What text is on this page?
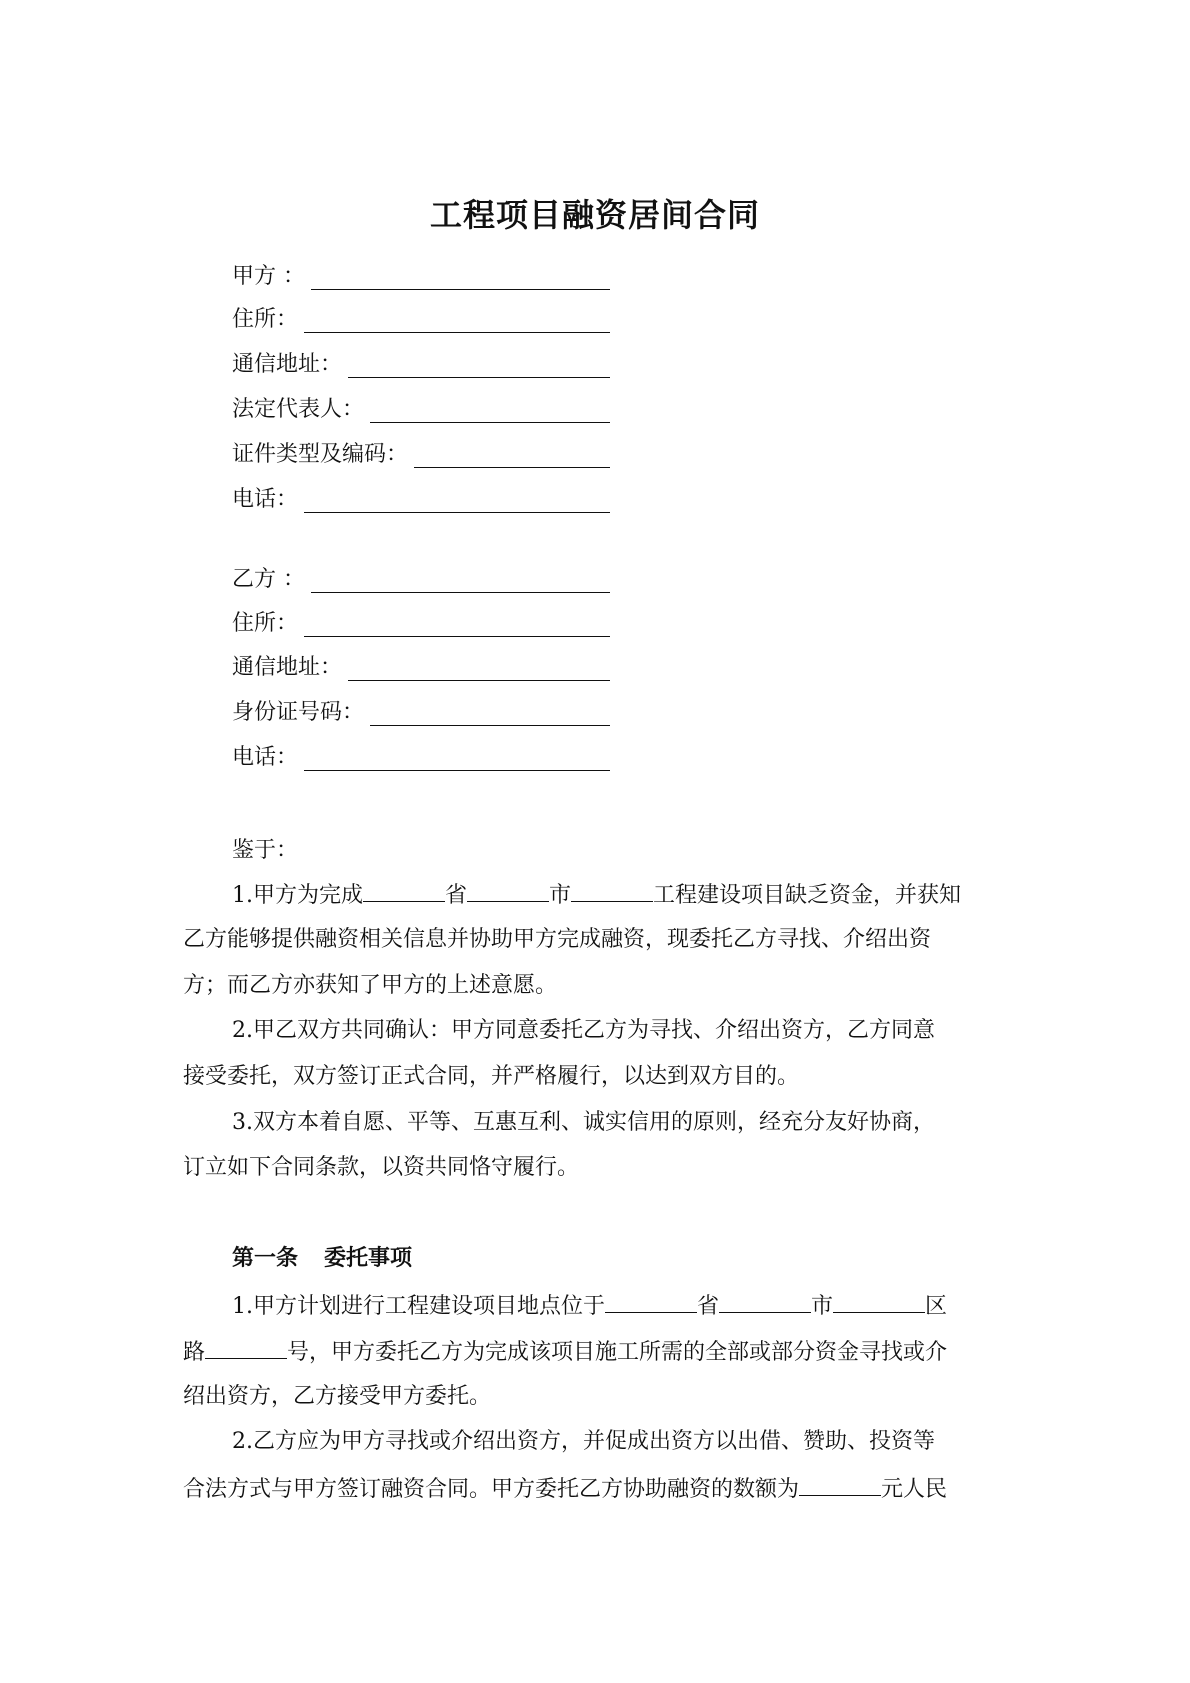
工程项目融资居间合同
甲方 ：
住所：
通信地址：
法定代表人：
证件类型及编码：
电话：
乙方 ：
住所：
通信地址：
身份证号码：
电话：
鉴于：
1.甲方为完成	省	市	工程建设项目缺乏资金，并获知
乙方能够提供融资相关信息并协助甲方完成融资，现委托乙方寻找、介绍出资
方；而乙方亦获知了甲方的上述意愿。
2.甲乙双方共同确认：甲方同意委托乙方为寻找、介绍出资方，乙方同意
接受委托，双方签订正式合同，并严格履行，以达到双方目的。
3.双方本着自愿、平等、互惠互利、诚实信用的原则，经充分友好协商，
订立如下合同条款，以资共同恪守履行。
第一条 委托事项
1.甲方计划进行工程建设项目地点位于	省	市	区
路	号，甲方委托乙方为完成该项目施工所需的全部或部分资金寻找或介
绍出资方，乙方接受甲方委托。
2.乙方应为甲方寻找或介绍出资方，并促成出资方以出借、赞助、投资等
合法方式与甲方签订融资合同。甲方委托乙方协助融资的数额为	元人民
